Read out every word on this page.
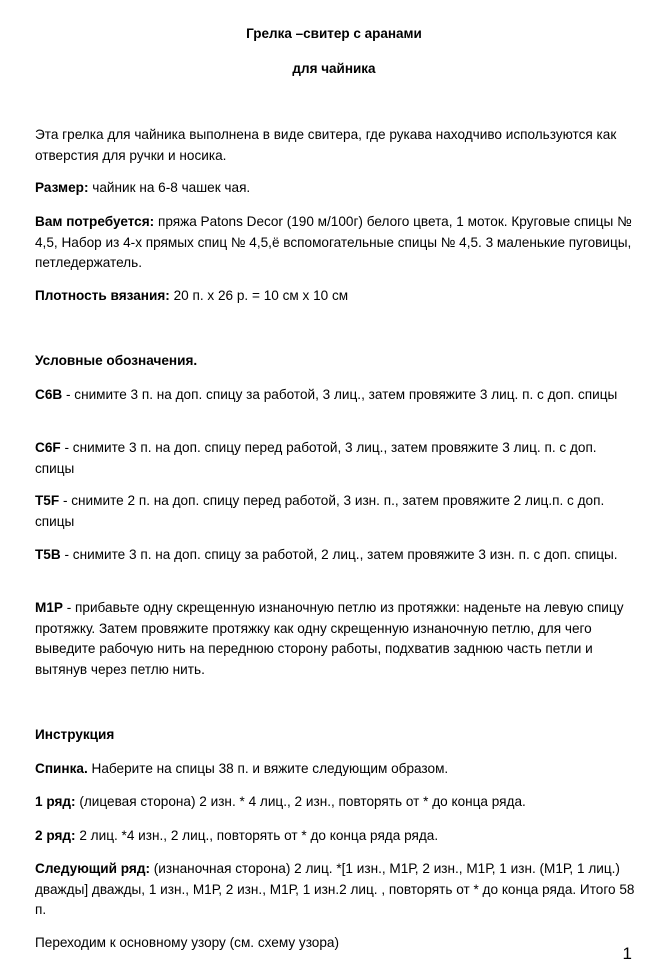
Грелка –свитер с аранами
для чайника

Эта грелка для чайника выполнена в виде свитера, где рукава находчиво используются как отверстия для ручки и носика.

Размер: чайник на 6-8 чашек чая.

Вам потребуется: пряжа Patons Decor (190 м/100г) белого цвета, 1 моток. Круговые спицы № 4,5, Набор из 4-х прямых спиц № 4,5,ё вспомогательные спицы № 4,5. 3 маленькие пуговицы, петледержатель.

Плотность вязания: 20 п. х 26 р. = 10 см х 10 см

Условные обозначения.

C6B - снимите 3 п. на доп. спицу за работой, 3 лиц., затем провяжите 3 лиц. п. с доп. спицы

C6F - снимите 3 п. на доп. спицу перед работой, 3 лиц., затем провяжите 3 лиц. п. с доп. спицы

T5F - снимите 2 п. на доп. спицу перед работой, 3 изн. п., затем провяжите 2 лиц.п. с доп. спицы

T5B - снимите 3 п. на доп. спицу за работой, 2 лиц., затем провяжите 3 изн. п. с доп. спицы.

M1P - прибавьте одну скрещенную изнаночную петлю из протяжки: наденьте на левую спицу протяжку. Затем провяжите протяжку как одну скрещенную изнаночную петлю, для чего выведите рабочую нить на переднюю сторону работы, подхватив заднюю часть петли и вытянув через петлю нить.

Инструкция

Спинка. Наберите на спицы 38 п. и вяжите следующим образом.

1 ряд: (лицевая сторона) 2 изн. * 4 лиц., 2 изн., повторять от * до конца ряда.

2 ряд: 2 лиц. *4 изн., 2 лиц., повторять от * до конца ряда ряда.

Следующий ряд: (изнаночная сторона) 2 лиц. *[1 изн., М1Р, 2 изн., М1Р, 1 изн. (М1Р, 1 лиц.) дважды] дважды, 1 изн., М1Р, 2 изн., М1Р, 1 изн.2 лиц. , повторять от * до конца ряда. Итого 58 п.

Переходим к основному узору (см. схему узора)

1
